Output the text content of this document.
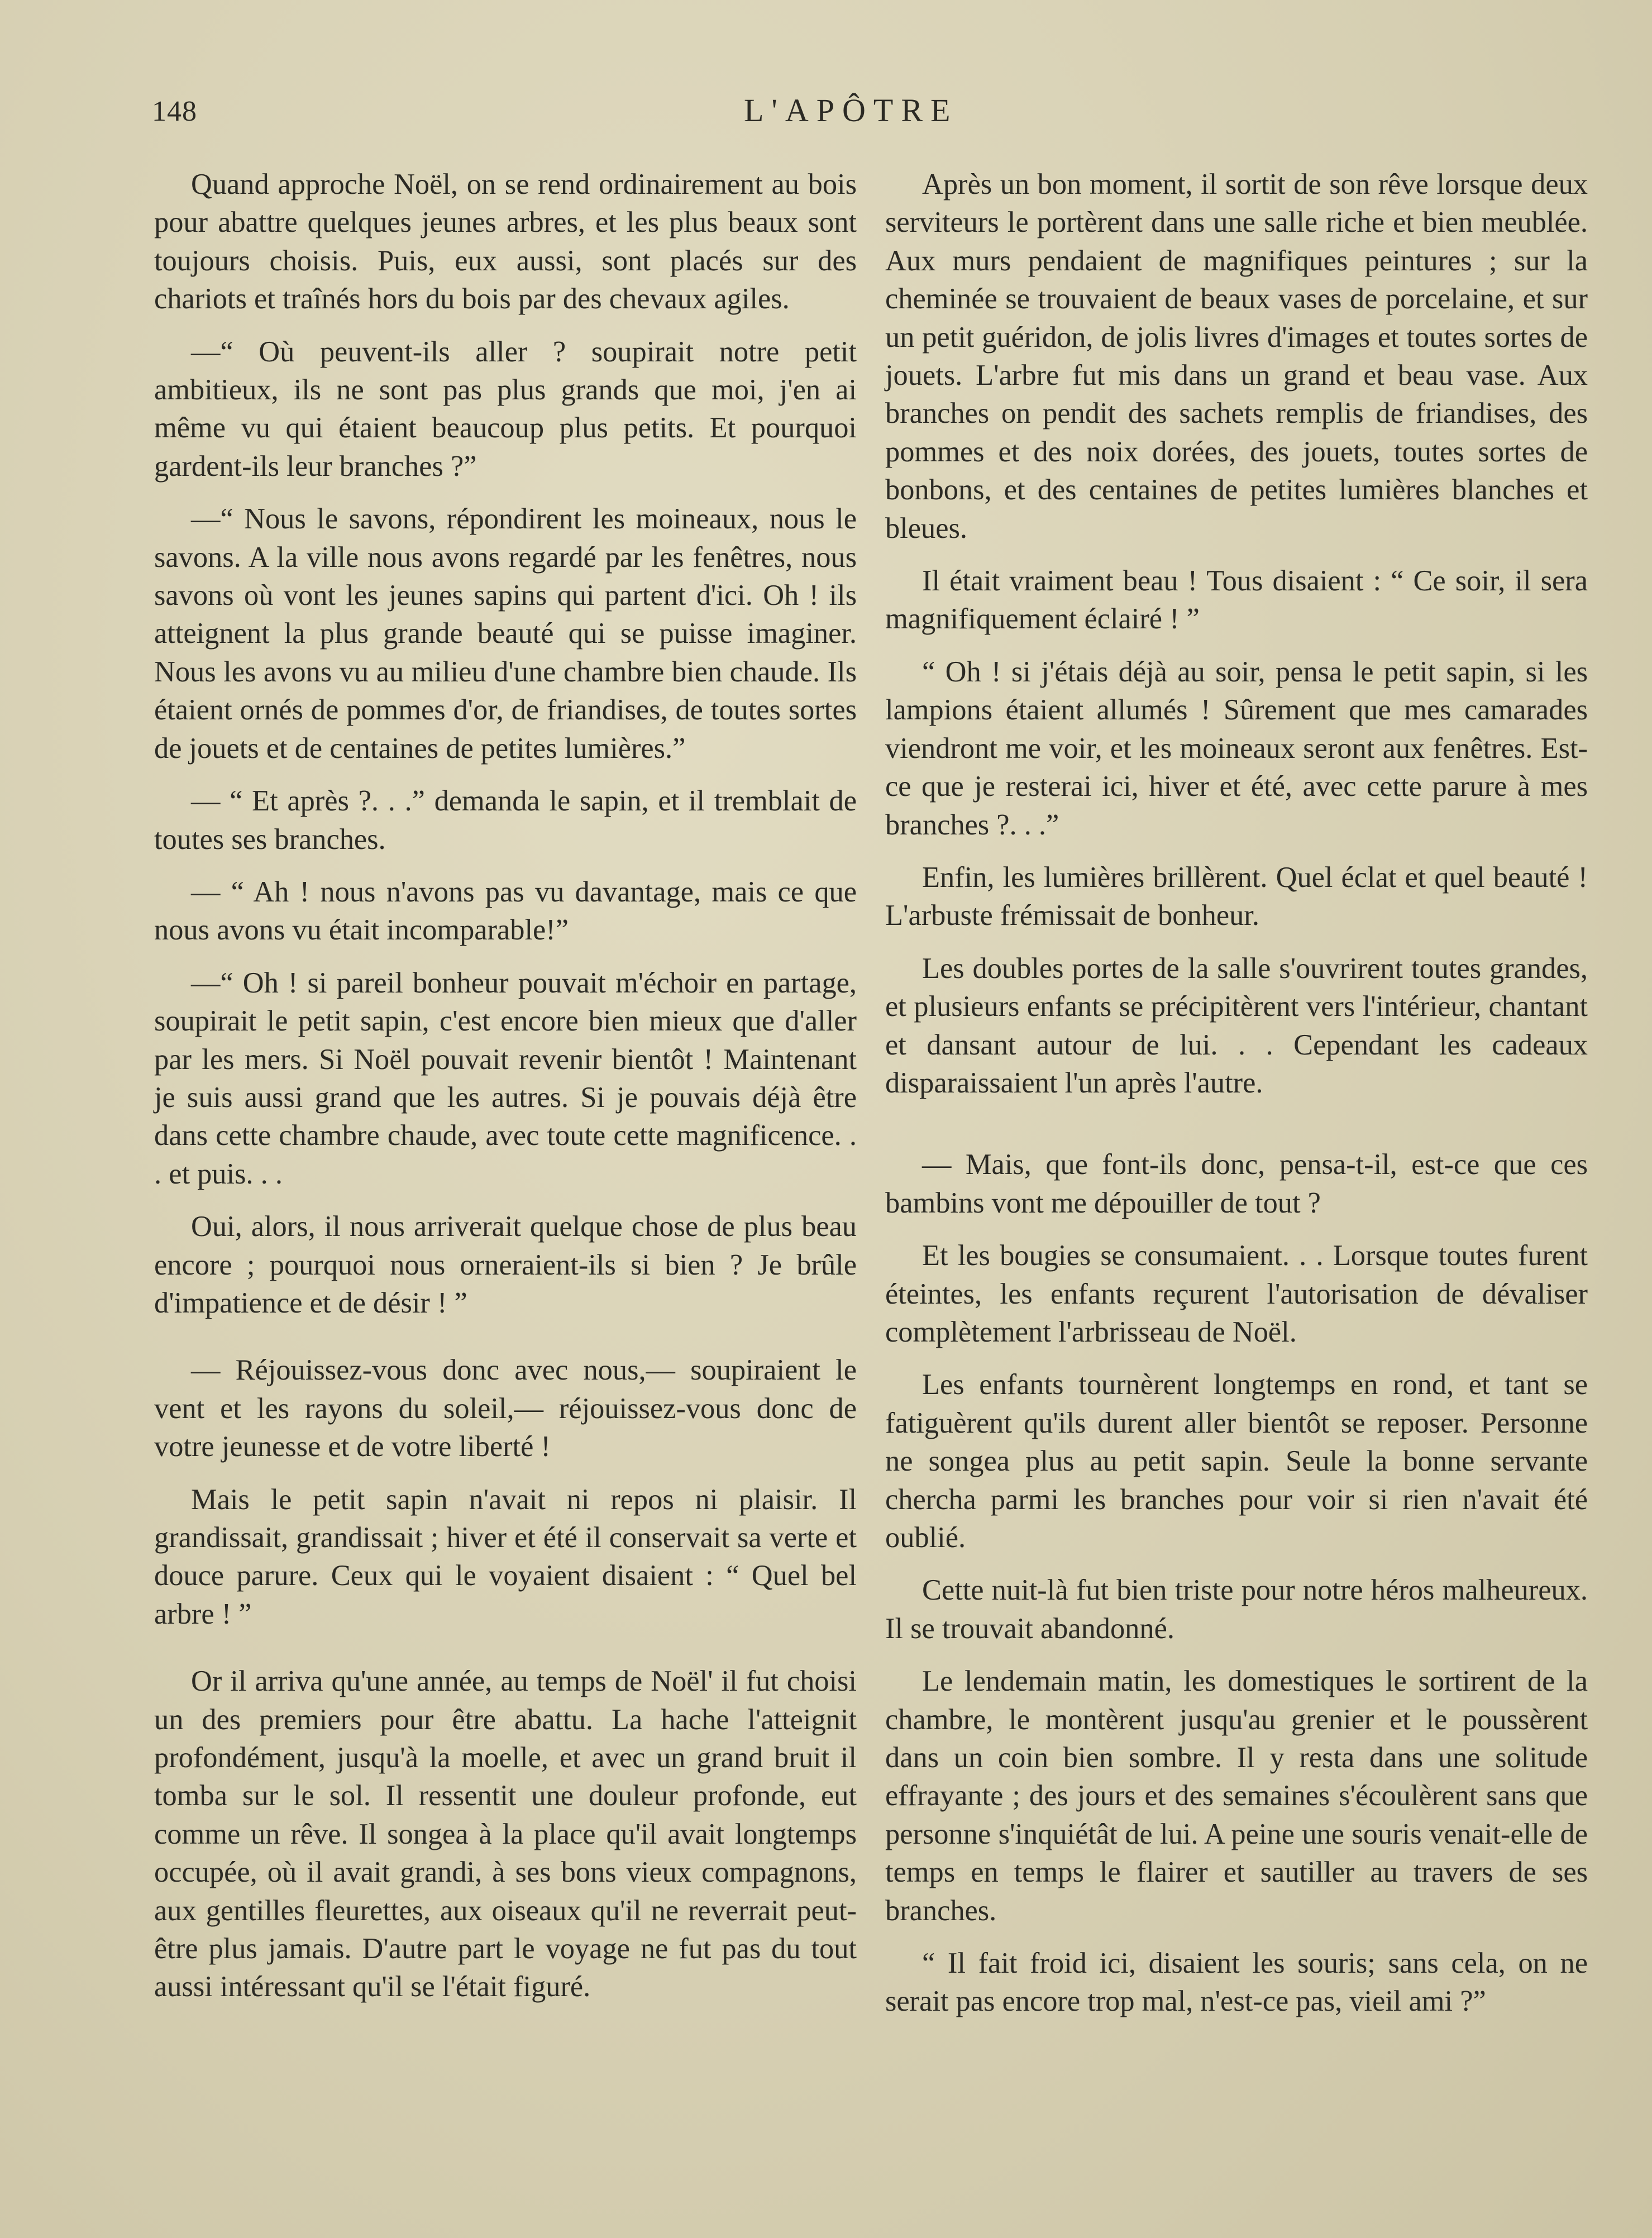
148	L'APÔTRE

Quand approche Noël, on se rend ordinairement au bois pour abattre quelques jeunes arbres, et les plus beaux sont toujours choisis. Puis, eux aussi, sont placés sur des chariots et traînés hors du bois par des chevaux agiles.

—“ Où peuvent-ils aller ? soupirait notre petit ambitieux, ils ne sont pas plus grands que moi, j'en ai même vu qui étaient beaucoup plus petits. Et pourquoi gardent-ils leur branches ?”

—“ Nous le savons, répondirent les moineaux, nous le savons. A la ville nous avons regardé par les fenêtres, nous savons où vont les jeunes sapins qui partent d'ici. Oh ! ils atteignent la plus grande beauté qui se puisse imaginer. Nous les avons vu au milieu d'une chambre bien chaude. Ils étaient ornés de pommes d'or, de friandises, de toutes sortes de jouets et de centaines de petites lumières.”

— “ Et après ?. . .” demanda le sapin, et il tremblait de toutes ses branches.

— “ Ah ! nous n'avons pas vu davantage, mais ce que nous avons vu était incomparable!”

—“ Oh ! si pareil bonheur pouvait m'échoir en partage, soupirait le petit sapin, c'est encore bien mieux que d'aller par les mers. Si Noël pouvait revenir bientôt ! Maintenant je suis aussi grand que les autres. Si je pouvais déjà être dans cette chambre chaude, avec toute cette magnificence. . . et puis. . .

Oui, alors, il nous arriverait quelque chose de plus beau encore ; pourquoi nous orneraient-ils si bien ? Je brûle d'impatience et de désir ! ”

— Réjouissez-vous donc avec nous,— soupiraient le vent et les rayons du soleil,— réjouissez-vous donc de votre jeunesse et de votre liberté !

Mais le petit sapin n'avait ni repos ni plaisir. Il grandissait, grandissait ; hiver et été il conservait sa verte et douce parure. Ceux qui le voyaient disaient : “ Quel bel arbre ! ”

Or il arriva qu'une année, au temps de Noël' il fut choisi un des premiers pour être abattu. La hache l'atteignit profondément, jusqu'à la moelle, et avec un grand bruit il tomba sur le sol. Il ressentit une douleur profonde, eut comme un rêve. Il songea à la place qu'il avait longtemps occupée, où il avait grandi, à ses bons vieux compagnons, aux gentilles fleurettes, aux oiseaux qu'il ne reverrait peut-être plus jamais. D'autre part le voyage ne fut pas du tout aussi intéressant qu'il se l'était figuré.

Après un bon moment, il sortit de son rêve lorsque deux serviteurs le portèrent dans une salle riche et bien meublée. Aux murs pendaient de magnifiques peintures ; sur la cheminée se trouvaient de beaux vases de porcelaine, et sur un petit guéridon, de jolis livres d'images et toutes sortes de jouets. L'arbre fut mis dans un grand et beau vase. Aux branches on pendit des sachets remplis de friandises, des pommes et des noix dorées, des jouets, toutes sortes de bonbons, et des centaines de petites lumières blanches et bleues.

Il était vraiment beau ! Tous disaient : “ Ce soir, il sera magnifiquement éclairé ! ”

“ Oh ! si j'étais déjà au soir, pensa le petit sapin, si les lampions étaient allumés ! Sûrement que mes camarades viendront me voir, et les moineaux seront aux fenêtres. Est-ce que je resterai ici, hiver et été, avec cette parure à mes branches ?. . .”

Enfin, les lumières brillèrent. Quel éclat et quel beauté ! L'arbuste frémissait de bonheur.

Les doubles portes de la salle s'ouvrirent toutes grandes, et plusieurs enfants se précipitèrent vers l'intérieur, chantant et dansant autour de lui. . . Cependant les cadeaux disparaissaient l'un après l'autre.

— Mais, que font-ils donc, pensa-t-il, est-ce que ces bambins vont me dépouiller de tout ?

Et les bougies se consumaient. . . Lorsque toutes furent éteintes, les enfants reçurent l'autorisation de dévaliser complètement l'arbrisseau de Noël.

Les enfants tournèrent longtemps en rond, et tant se fatiguèrent qu'ils durent aller bientôt se reposer. Personne ne songea plus au petit sapin. Seule la bonne servante chercha parmi les branches pour voir si rien n'avait été oublié.

Cette nuit-là fut bien triste pour notre héros malheureux. Il se trouvait abandonné.

Le lendemain matin, les domestiques le sortirent de la chambre, le montèrent jusqu'au grenier et le poussèrent dans un coin bien sombre. Il y resta dans une solitude effrayante ; des jours et des semaines s'écoulèrent sans que personne s'inquiétât de lui. A peine une souris venait-elle de temps en temps le flairer et sautiller au travers de ses branches.

“ Il fait froid ici, disaient les souris; sans cela, on ne serait pas encore trop mal, n'est-ce pas, vieil ami ?”
